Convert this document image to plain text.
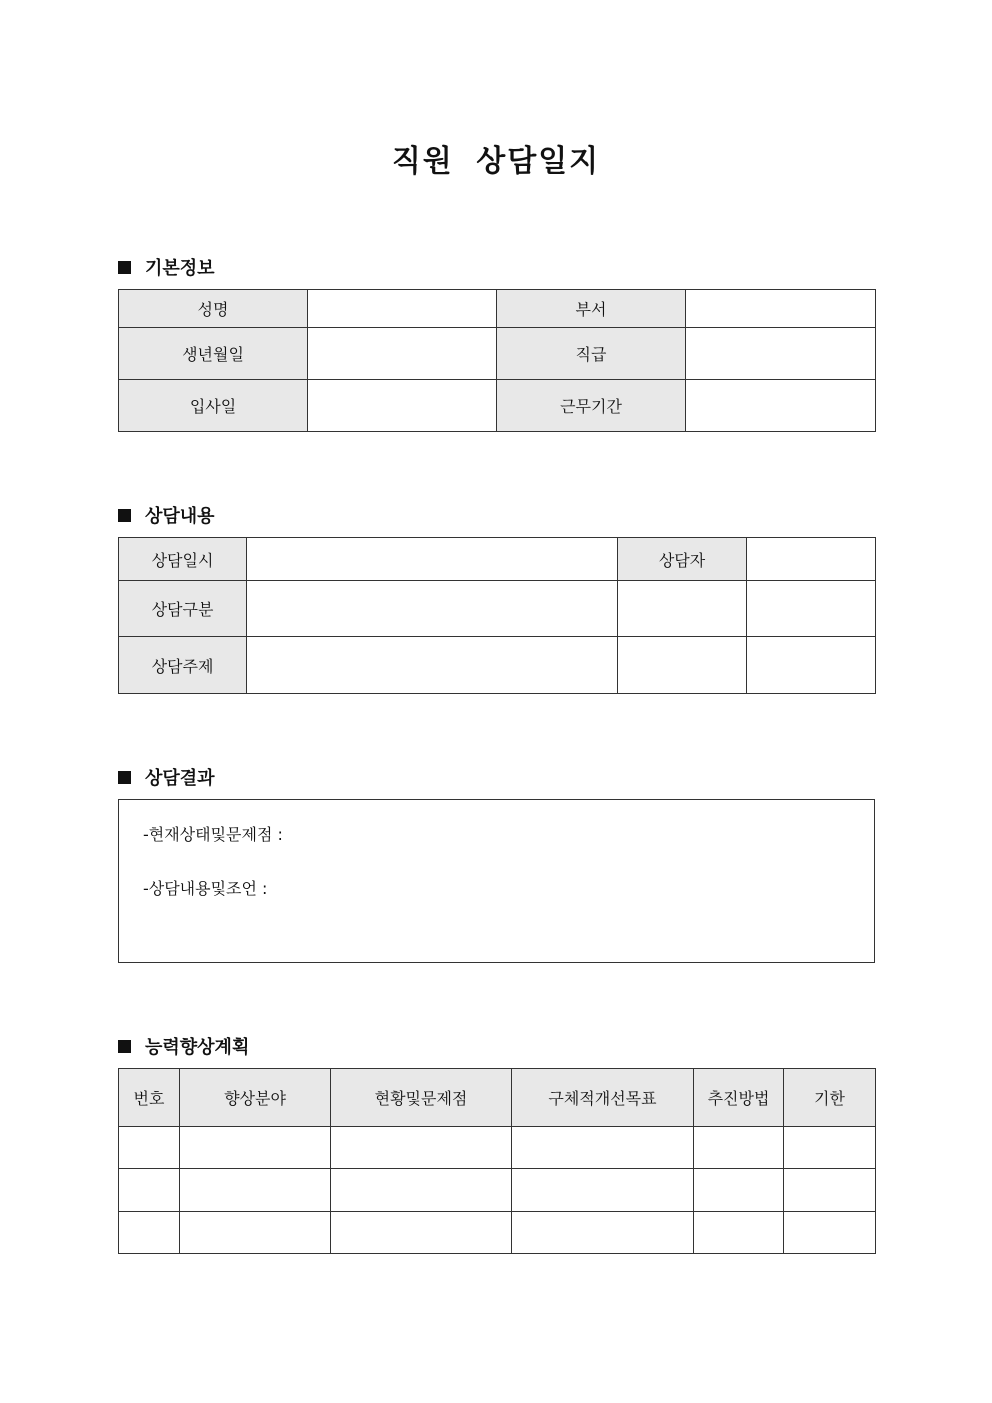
직원 상담일지
기본정보
성명		부서	
생년월일		직급	
입사일		근무기간	
상담내용
상담일시		상담자	
상담구분			
상담주제			
상담결과
-현재상태및문제점 :
-상담내용및조언 :
능력향상계획
번호	향상분야	현황및문제점	구체적개선목표	추진방법	기한
